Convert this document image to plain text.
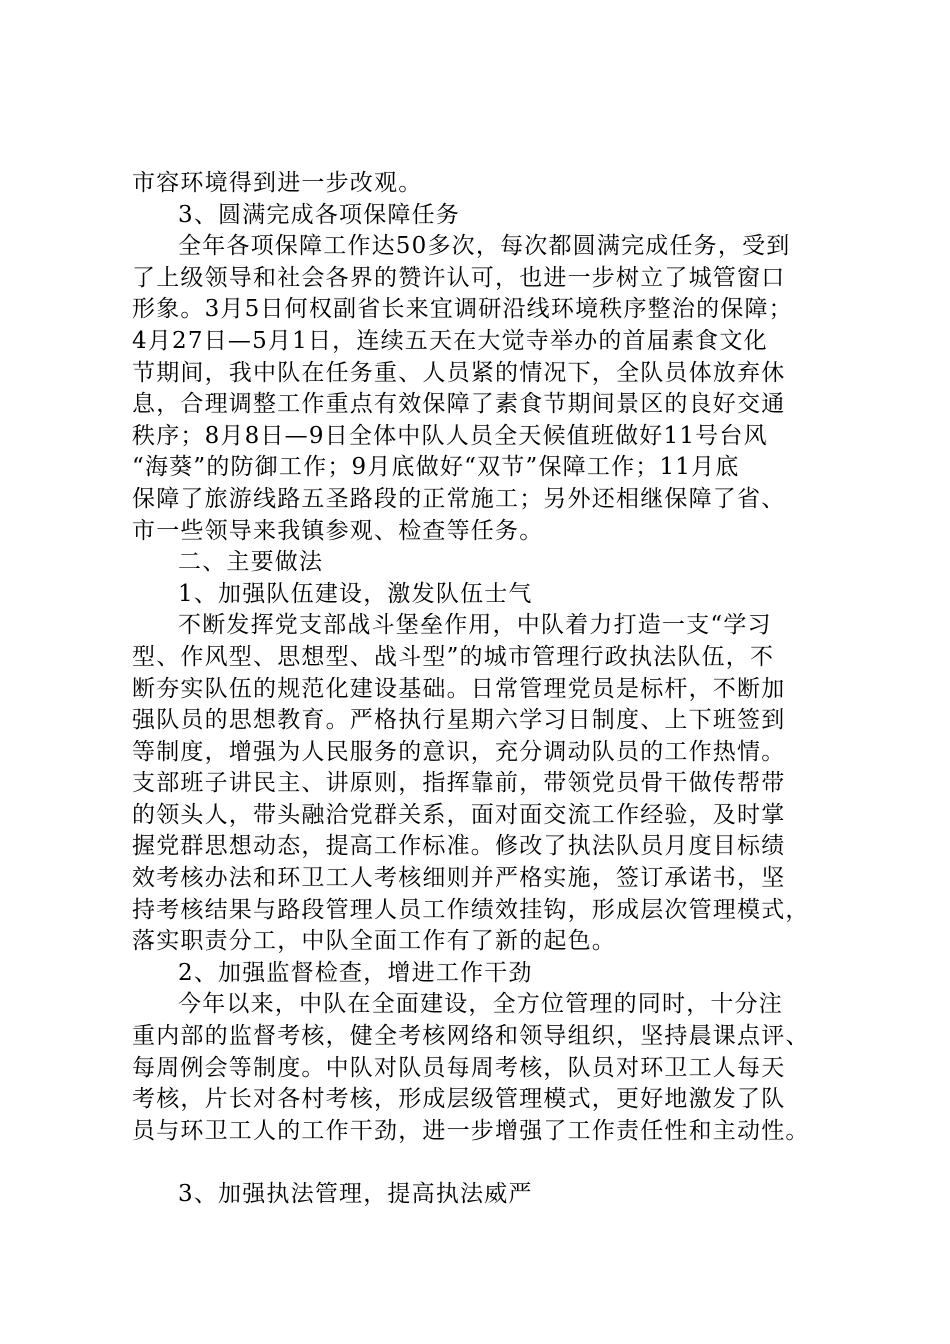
市容环境得到进一步改观。
3、圆满完成各项保障任务
全年各项保障工作达50多次，每次都圆满完成任务，受到
了上级领导和社会各界的赞许认可，也进一步树立了城管窗口
形象。3月5日何权副省长来宜调研沿线环境秩序整治的保障；
4月27日—5月1日，连续五天在大觉寺举办的首届素食文化
节期间，我中队在任务重、人员紧的情况下，全队员体放弃休
息，合理调整工作重点有效保障了素食节期间景区的良好交通
秩序；8月8日—9日全体中队人员全天候值班做好11号台风
“海葵”的防御工作；9月底做好“双节”保障工作；11月底
保障了旅游线路五圣路段的正常施工；另外还相继保障了省、
市一些领导来我镇参观、检查等任务。
二、主要做法
1、加强队伍建设，激发队伍士气
不断发挥党支部战斗堡垒作用，中队着力打造一支“学习
型、作风型、思想型、战斗型”的城市管理行政执法队伍，不
断夯实队伍的规范化建设基础。日常管理党员是标杆，不断加
强队员的思想教育。严格执行星期六学习日制度、上下班签到
等制度，增强为人民服务的意识，充分调动队员的工作热情。
支部班子讲民主、讲原则，指挥靠前，带领党员骨干做传帮带
的领头人，带头融洽党群关系，面对面交流工作经验，及时掌
握党群思想动态，提高工作标准。修改了执法队员月度目标绩
效考核办法和环卫工人考核细则并严格实施，签订承诺书，坚
持考核结果与路段管理人员工作绩效挂钩，形成层次管理模式，
落实职责分工，中队全面工作有了新的起色。
2、加强监督检查，增进工作干劲
今年以来，中队在全面建设，全方位管理的同时，十分注
重内部的监督考核，健全考核网络和领导组织，坚持晨课点评、
每周例会等制度。中队对队员每周考核，队员对环卫工人每天
考核，片长对各村考核，形成层级管理模式，更好地激发了队
员与环卫工人的工作干劲，进一步增强了工作责任性和主动性。
3、加强执法管理，提高执法威严
